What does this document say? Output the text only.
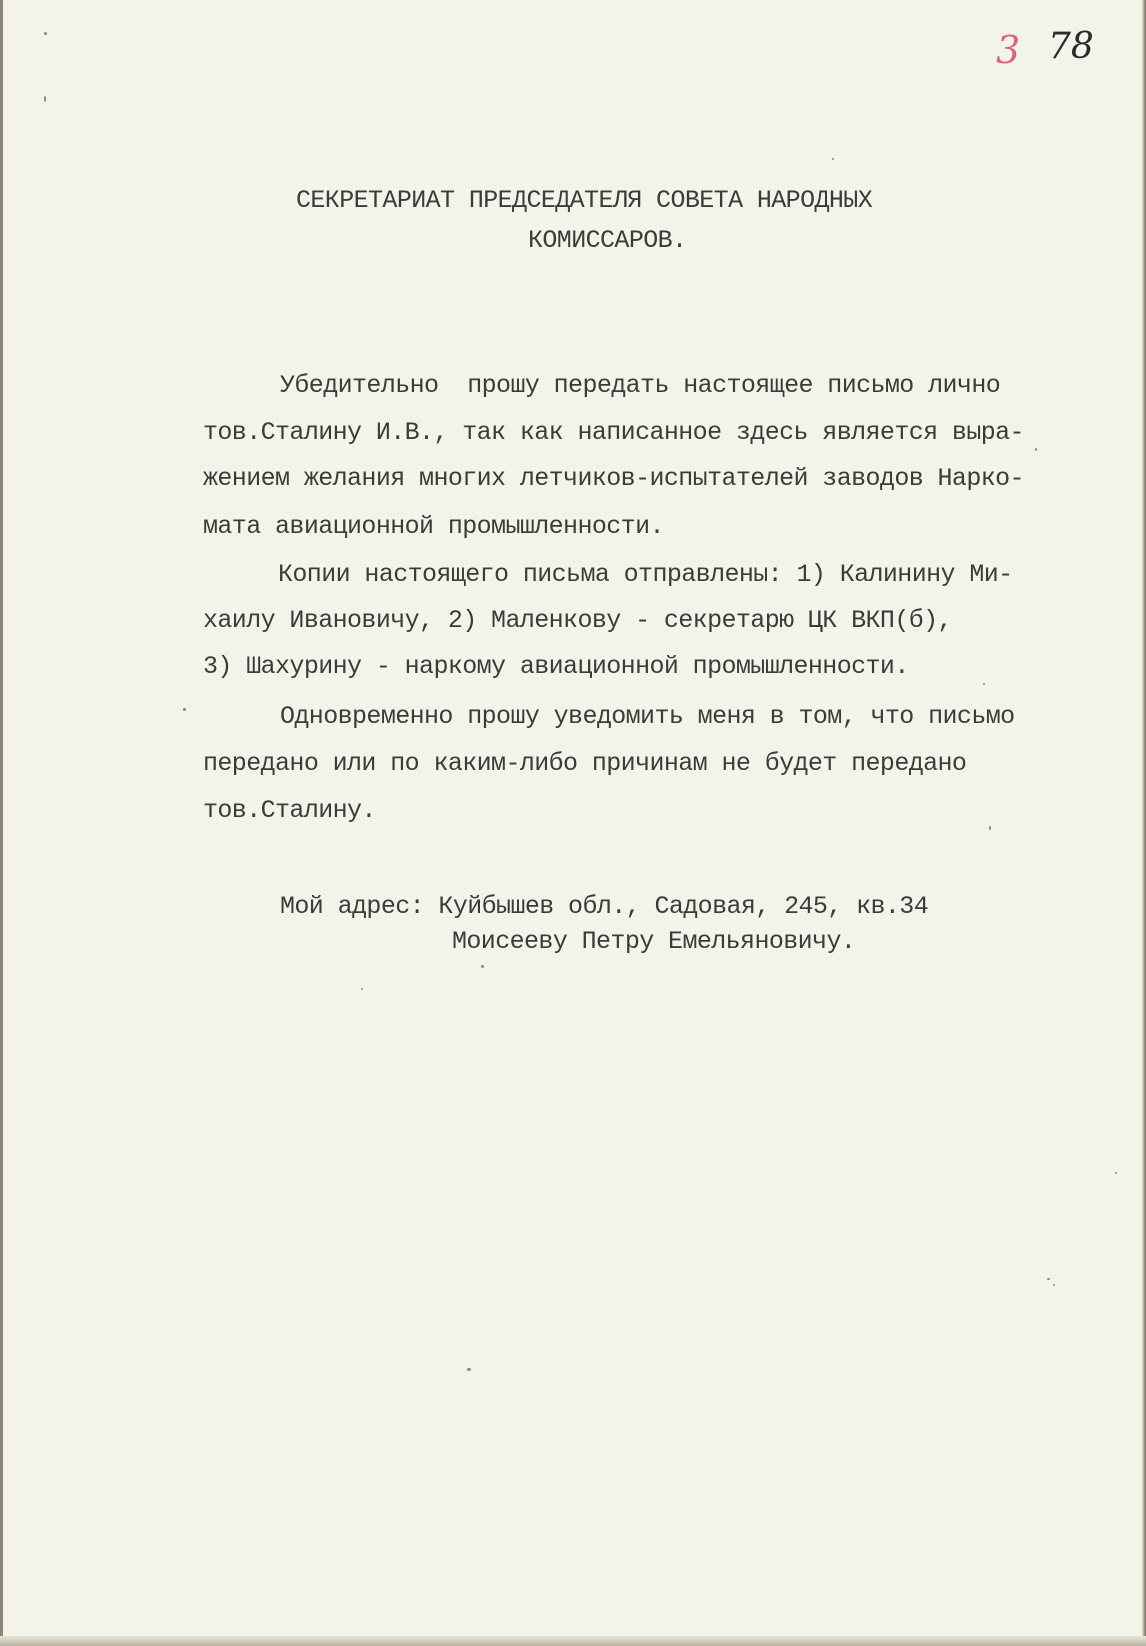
3 78
СЕКРЕТАРИАТ ПРЕДСЕДАТЕЛЯ СОВЕТА НАРОДНЫХ
КОМИССАРОВ.
Убедительно  прошу передать настоящее письмо лично
тов.Сталину И.В., так как написанное здесь является выра-
жением желания многих летчиков-испытателей заводов Нарко-
мата авиационной промышленности.
Копии настоящего письма отправлены: 1) Калинину Ми-
хаилу Ивановичу, 2) Маленкову - секретарю ЦК ВКП(б),
3) Шахурину - наркому авиационной промышленности.
Одновременно прошу уведомить меня в том, что письмо
передано или по каким-либо причинам не будет передано
тов.Сталину.
Мой адрес: Куйбышев обл., Садовая, 245, кв.34
Моисееву Петру Емельяновичу.
